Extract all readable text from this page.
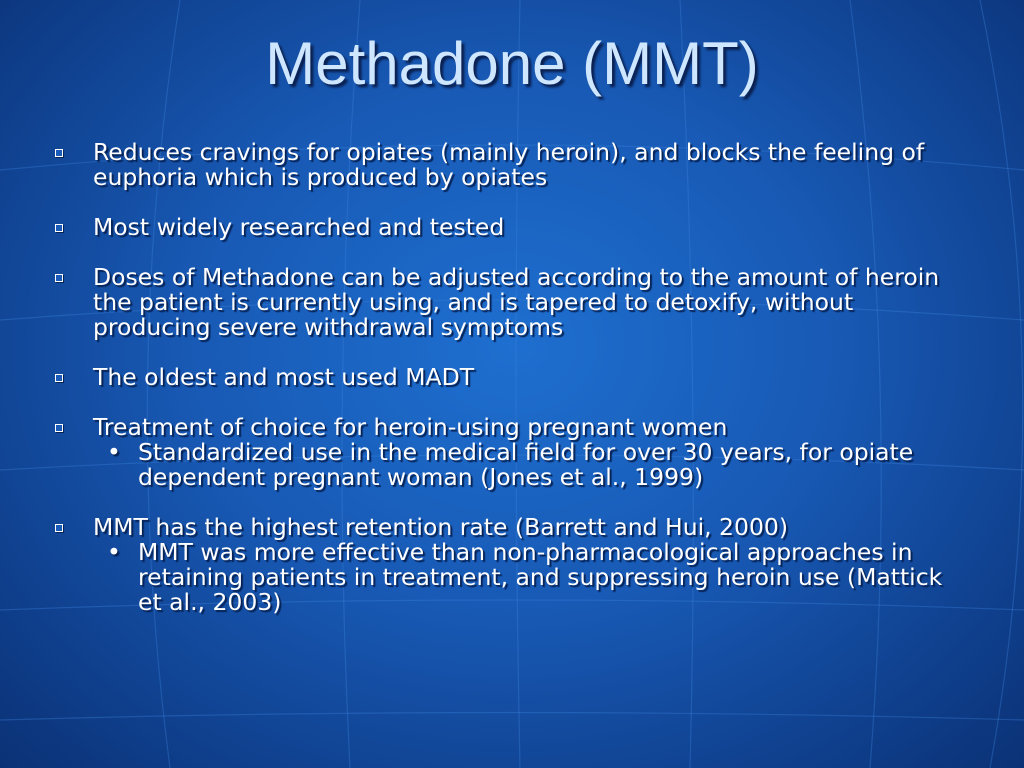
Methadone (MMT)
Reduces cravings for opiates (mainly heroin), and blocks the feeling of euphoria which is produced by opiates
Most widely researched and tested
Doses of Methadone can be adjusted according to the amount of heroin the patient is currently using, and is tapered to detoxify, without producing severe withdrawal symptoms
The oldest and most used MADT
Treatment of choice for heroin-using pregnant women
• Standardized use in the medical field for over 30 years, for opiate dependent pregnant woman (Jones et al., 1999)
MMT has the highest retention rate (Barrett and Hui, 2000)
• MMT was more effective than non-pharmacological approaches in retaining patients in treatment, and suppressing heroin use (Mattick et al., 2003)
